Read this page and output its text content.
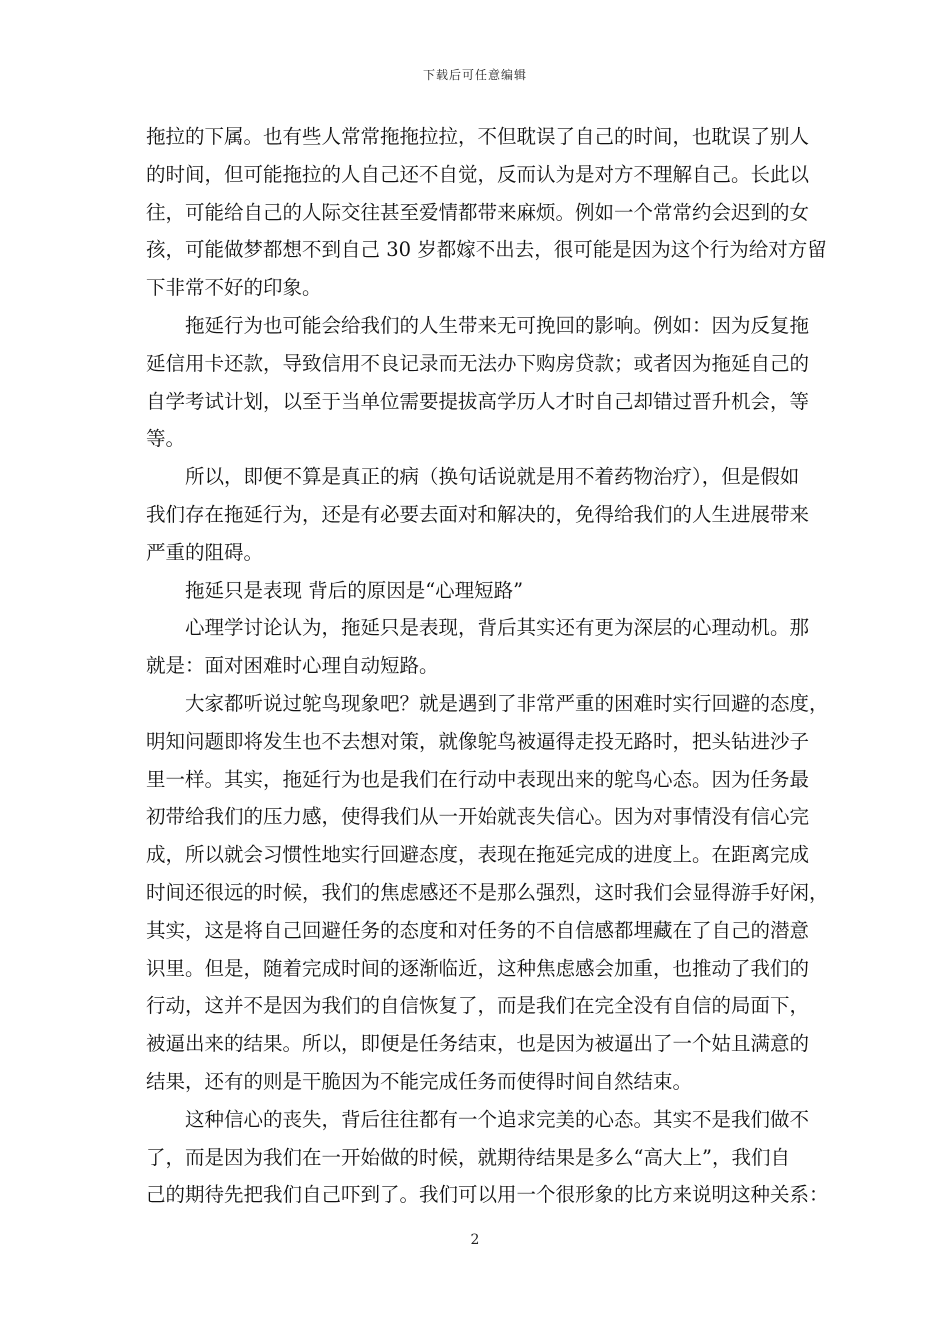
下载后可任意编辑
拖拉的下属。也有些人常常拖拖拉拉，不但耽误了自己的时间，也耽误了别人
的时间，但可能拖拉的人自己还不自觉，反而认为是对方不理解自己。长此以
往，可能给自己的人际交往甚至爱情都带来麻烦。例如一个常常约会迟到的女
孩，可能做梦都想不到自己 30 岁都嫁不出去，很可能是因为这个行为给对方留
下非常不好的印象。
拖延行为也可能会给我们的人生带来无可挽回的影响。例如：因为反复拖
延信用卡还款，导致信用不良记录而无法办下购房贷款；或者因为拖延自己的
自学考试计划，以至于当单位需要提拔高学历人才时自己却错过晋升机会，等
等。
所以，即便不算是真正的病（换句话说就是用不着药物治疗），但是假如
我们存在拖延行为，还是有必要去面对和解决的，免得给我们的人生进展带来
严重的阻碍。
拖延只是表现 背后的原因是“心理短路”
心理学讨论认为，拖延只是表现，背后其实还有更为深层的心理动机。那
就是：面对困难时心理自动短路。
大家都听说过鸵鸟现象吧？就是遇到了非常严重的困难时实行回避的态度，
明知问题即将发生也不去想对策，就像鸵鸟被逼得走投无路时，把头钻进沙子
里一样。其实，拖延行为也是我们在行动中表现出来的鸵鸟心态。因为任务最
初带给我们的压力感，使得我们从一开始就丧失信心。因为对事情没有信心完
成，所以就会习惯性地实行回避态度，表现在拖延完成的进度上。在距离完成
时间还很远的时候，我们的焦虑感还不是那么强烈，这时我们会显得游手好闲，
其实，这是将自己回避任务的态度和对任务的不自信感都埋藏在了自己的潜意
识里。但是，随着完成时间的逐渐临近，这种焦虑感会加重，也推动了我们的
行动，这并不是因为我们的自信恢复了，而是我们在完全没有自信的局面下，
被逼出来的结果。所以，即便是任务结束，也是因为被逼出了一个姑且满意的
结果，还有的则是干脆因为不能完成任务而使得时间自然结束。
这种信心的丧失，背后往往都有一个追求完美的心态。其实不是我们做不
了，而是因为我们在一开始做的时候，就期待结果是多么“高大上”，我们自
己的期待先把我们自己吓到了。我们可以用一个很形象的比方来说明这种关系：
2
